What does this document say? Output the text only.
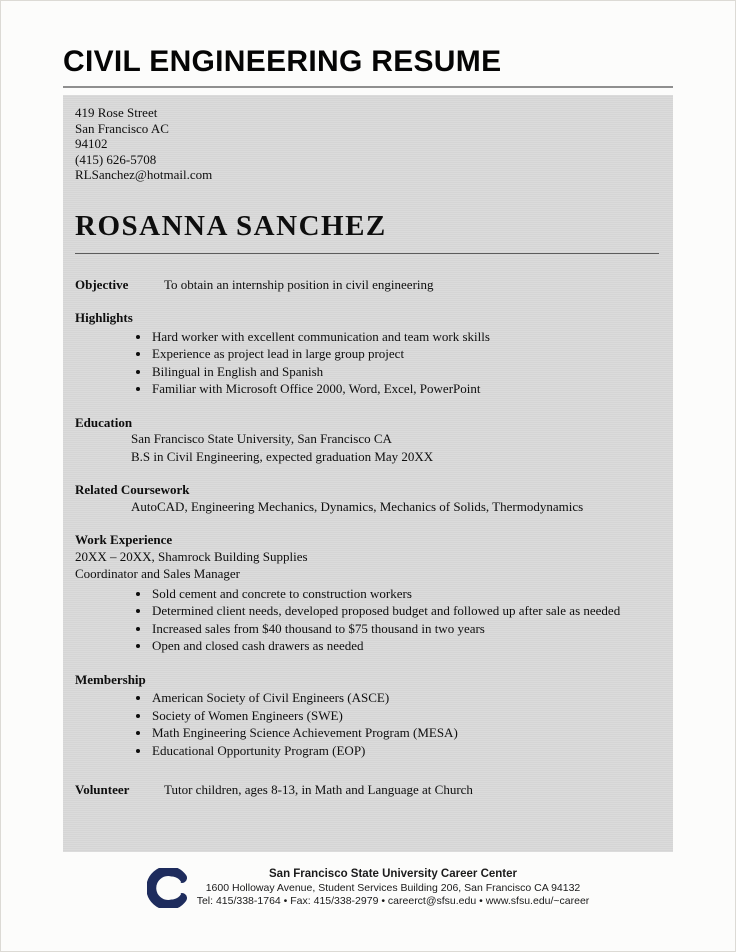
CIVIL ENGINEERING RESUME
419 Rose Street
San Francisco AC
94102
(415) 626-5708
RLSanchez@hotmail.com
ROSANNA SANCHEZ
Objective	To obtain an internship position in civil engineering
Highlights
• Hard worker with excellent communication and team work skills
• Experience as project lead in large group project
• Bilingual in English and Spanish
• Familiar with Microsoft Office 2000, Word, Excel, PowerPoint
Education
San Francisco State University, San Francisco CA
B.S in Civil Engineering, expected graduation May 20XX
Related Coursework
AutoCAD, Engineering Mechanics, Dynamics, Mechanics of Solids, Thermodynamics
Work Experience
20XX – 20XX, Shamrock Building Supplies
Coordinator and Sales Manager
• Sold cement and concrete to construction workers
• Determined client needs, developed proposed budget and followed up after sale as needed
• Increased sales from $40 thousand to $75 thousand in two years
• Open and closed cash drawers as needed
Membership
• American Society of Civil Engineers (ASCE)
• Society of Women Engineers (SWE)
• Math Engineering Science Achievement Program (MESA)
• Educational Opportunity Program (EOP)
Volunteer	Tutor children, ages 8-13, in Math and Language at Church
San Francisco State University Career Center
1600 Holloway Avenue, Student Services Building 206, San Francisco CA 94132
Tel: 415/338-1764 • Fax: 415/338-2979 • careerct@sfsu.edu • www.sfsu.edu/~career
